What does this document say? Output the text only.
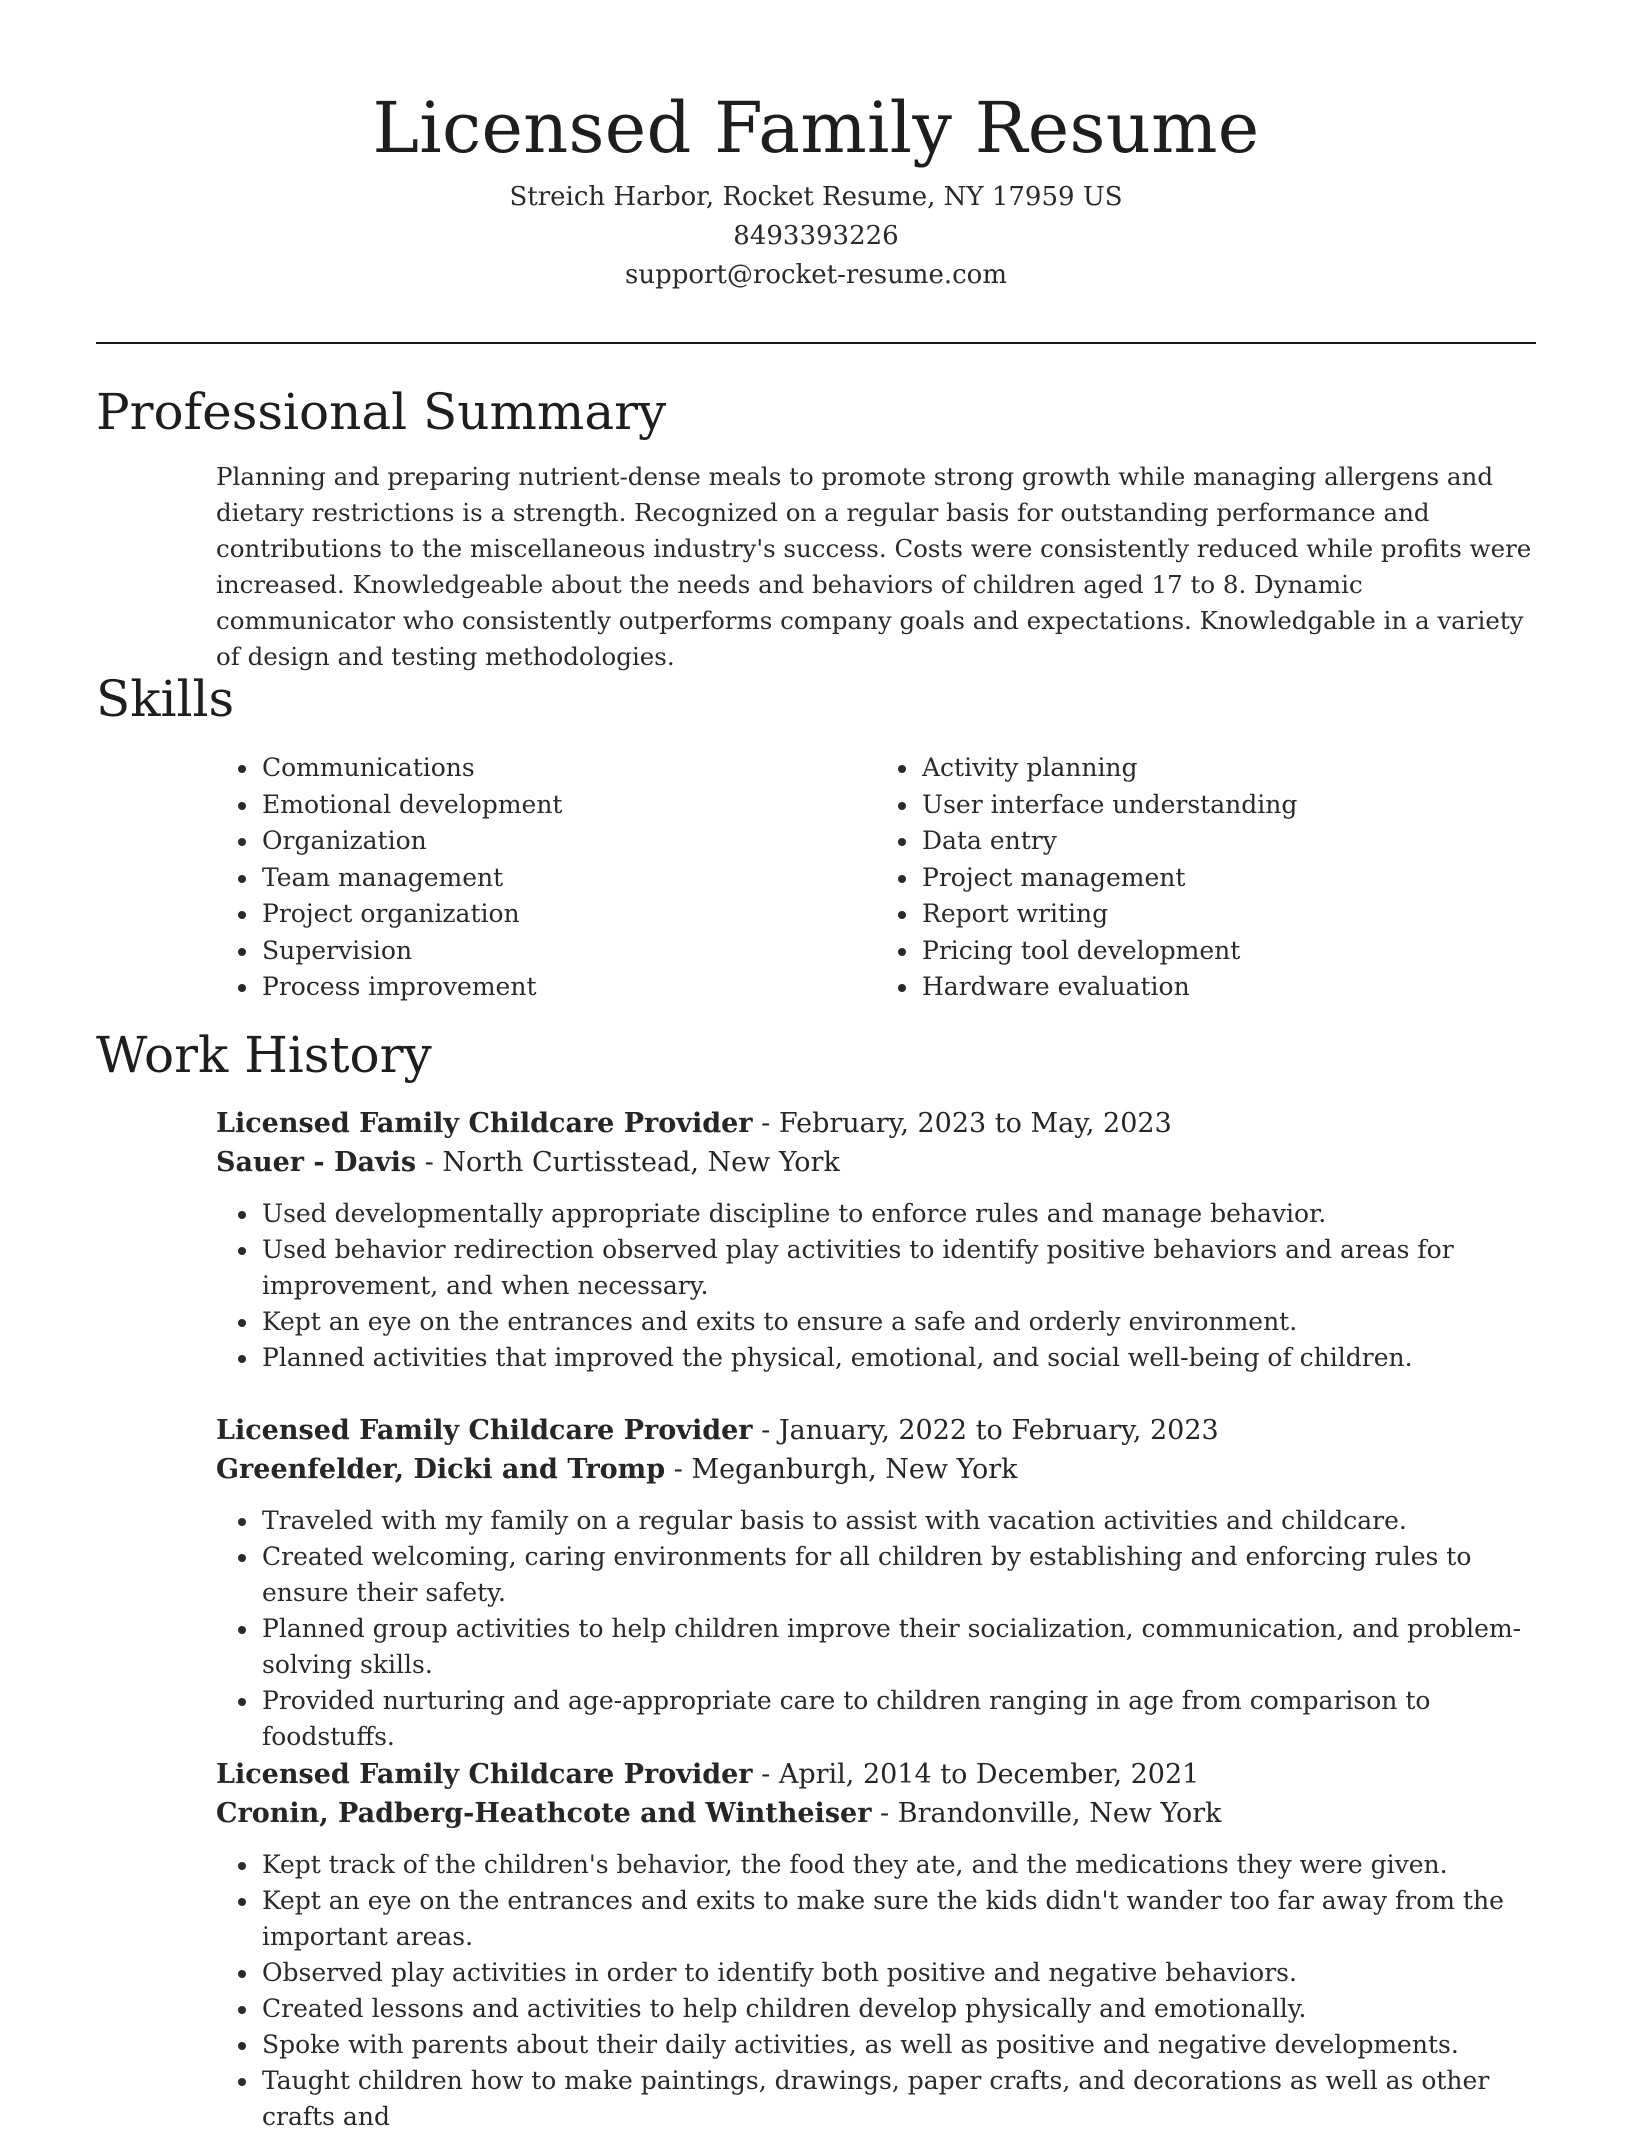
Licensed Family Resume
Streich Harbor, Rocket Resume, NY 17959 US
8493393226
support@rocket-resume.com
Professional Summary

Planning and preparing nutrient-dense meals to promote strong growth while managing allergens and dietary restrictions is a strength. Recognized on a regular basis for outstanding performance and contributions to the miscellaneous industry's success. Costs were consistently reduced while profits were increased. Knowledgeable about the needs and behaviors of children aged 17 to 8. Dynamic communicator who consistently outperforms company goals and expectations. Knowledgable in a variety of design and testing methodologies.

Skills
• Communications
• Emotional development
• Organization
• Team management
• Project organization
• Supervision
• Process improvement
• Activity planning
• User interface understanding
• Data entry
• Project management
• Report writing
• Pricing tool development
• Hardware evaluation
Work History
Licensed Family Childcare Provider - February, 2023 to May, 2023
Sauer - Davis - North Curtisstead, New York
• Used developmentally appropriate discipline to enforce rules and manage behavior.
• Used behavior redirection observed play activities to identify positive behaviors and areas for improvement, and when necessary.
• Kept an eye on the entrances and exits to ensure a safe and orderly environment.
• Planned activities that improved the physical, emotional, and social well-being of children.
Licensed Family Childcare Provider - January, 2022 to February, 2023
Greenfelder, Dicki and Tromp - Meganburgh, New York
• Traveled with my family on a regular basis to assist with vacation activities and childcare.
• Created welcoming, caring environments for all children by establishing and enforcing rules to ensure their safety.
• Planned group activities to help children improve their socialization, communication, and problem-solving skills.
• Provided nurturing and age-appropriate care to children ranging in age from comparison to foodstuffs.
Licensed Family Childcare Provider - April, 2014 to December, 2021
Cronin, Padberg-Heathcote and Wintheiser - Brandonville, New York
• Kept track of the children's behavior, the food they ate, and the medications they were given.
• Kept an eye on the entrances and exits to make sure the kids didn't wander too far away from the important areas.
• Observed play activities in order to identify both positive and negative behaviors.
• Created lessons and activities to help children develop physically and emotionally.
• Spoke with parents about their daily activities, as well as positive and negative developments.
• Taught children how to make paintings, drawings, paper crafts, and decorations as well as other crafts and
